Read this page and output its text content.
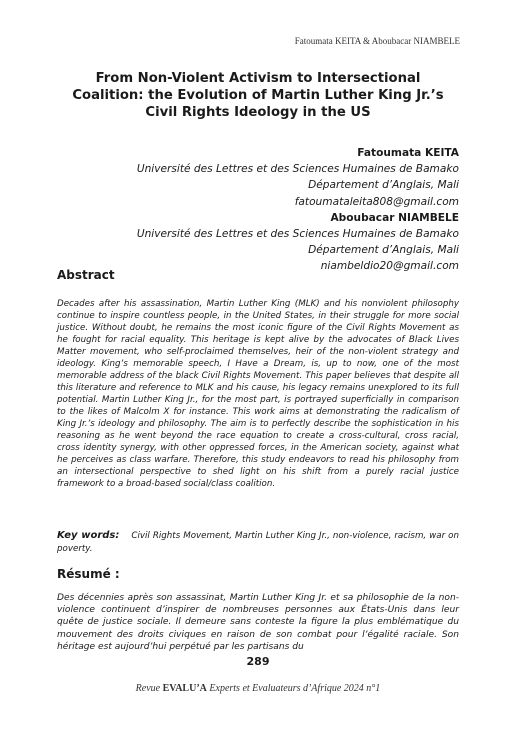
Fatoumata KEITA & Aboubacar NIAMBELE
From Non-Violent Activism to Intersectional Coalition: the Evolution of Martin Luther King Jr.’s Civil Rights Ideology in the US
Fatoumata KEITA
Université des Lettres et des Sciences Humaines de Bamako
Département d’Anglais, Mali
fatoumataleita808@gmail.com
Aboubacar NIAMBELE
Université des Lettres et des Sciences Humaines de Bamako
Département d’Anglais, Mali
niambeldio20@gmail.com
Abstract

Decades after his assassination, Martin Luther King (MLK) and his nonviolent philosophy continue to inspire countless people, in the United States, in their struggle for more social justice. Without doubt, he remains the most iconic figure of the Civil Rights Movement as he fought for racial equality. This heritage is kept alive by the advocates of Black Lives Matter movement, who self-proclaimed themselves, heir of the non-violent strategy and ideology. King’s memorable speech, I Have a Dream, is, up to now, one of the most memorable address of the black Civil Rights Movement. This paper believes that despite all this literature and reference to MLK and his cause, his legacy remains unexplored to its full potential. Martin Luther King Jr., for the most part, is portrayed superficially in comparison to the likes of Malcolm X for instance. This work aims at demonstrating the radicalism of King Jr.’s ideology and philosophy. The aim is to perfectly describe the sophistication in his reasoning as he went beyond the race equation to create a cross-cultural, cross racial, cross identity synergy, with other oppressed forces, in the American society, against what he perceives as class warfare. Therefore, this study endeavors to read his philosophy from an intersectional perspective to shed light on his shift from a purely racial justice framework to a broad-based social/class coalition.

Key words: Civil Rights Movement, Martin Luther King Jr., non-violence, racism, war on poverty.
Résumé :

Des décennies après son assassinat, Martin Luther King Jr. et sa philosophie de la non-violence continuent d’inspirer de nombreuses personnes aux États-Unis dans leur quête de justice sociale. Il demeure sans conteste la figure la plus emblématique du mouvement des droits civiques en raison de son combat pour l’égalité raciale. Son héritage est aujourd’hui perpétué par les partisans du

289
Revue EVALU’A Experts et Evaluateurs d’Afrique 2024 n°1
